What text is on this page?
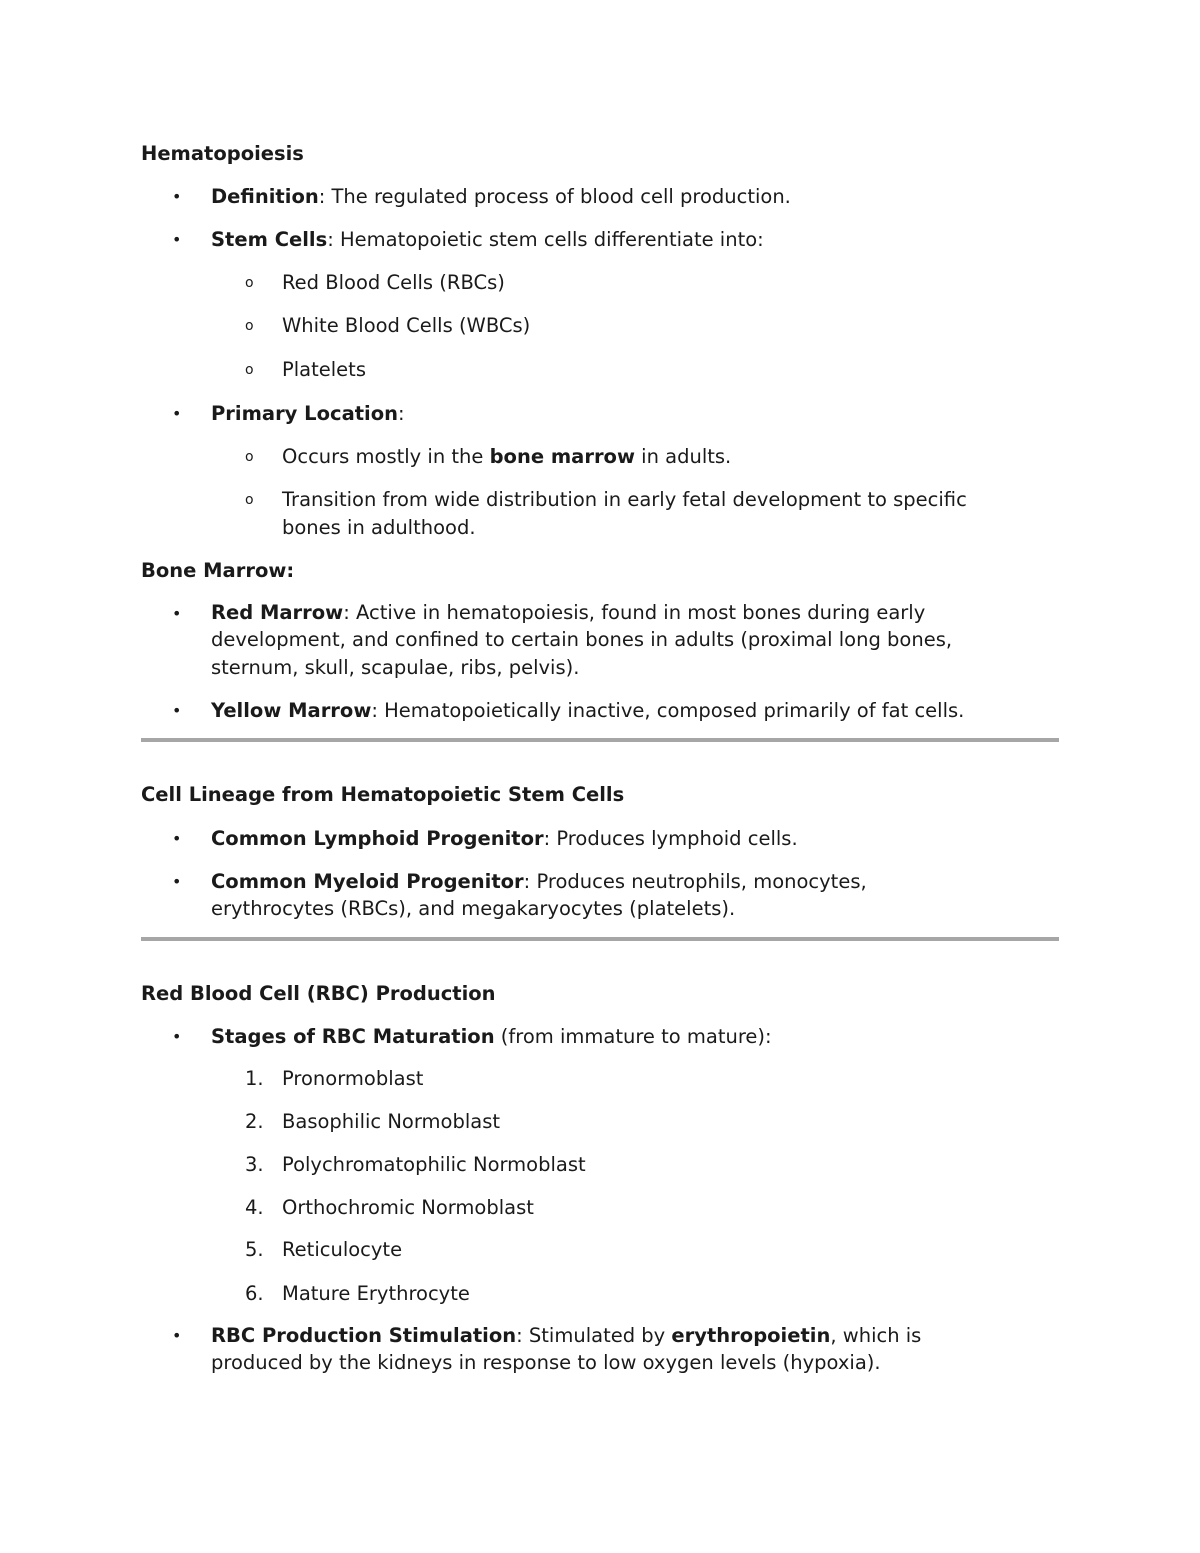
Hematopoiesis
•	Definition: The regulated process of blood cell production.
•	Stem Cells: Hematopoietic stem cells differentiate into:
o	Red Blood Cells (RBCs)
o	White Blood Cells (WBCs)
o	Platelets
•	Primary Location:
o	Occurs mostly in the bone marrow in adults.
o	Transition from wide distribution in early fetal development to specific
bones in adulthood.
Bone Marrow:
•	Red Marrow: Active in hematopoiesis, found in most bones during early
development, and confined to certain bones in adults (proximal long bones,
sternum, skull, scapulae, ribs, pelvis).
•	Yellow Marrow: Hematopoietically inactive, composed primarily of fat cells.
Cell Lineage from Hematopoietic Stem Cells
•	Common Lymphoid Progenitor: Produces lymphoid cells.
•	Common Myeloid Progenitor: Produces neutrophils, monocytes,
erythrocytes (RBCs), and megakaryocytes (platelets).
Red Blood Cell (RBC) Production
•	Stages of RBC Maturation (from immature to mature):
1. Pronormoblast
2. Basophilic Normoblast
3. Polychromatophilic Normoblast
4. Orthochromic Normoblast
5. Reticulocyte
6. Mature Erythrocyte
•	RBC Production Stimulation: Stimulated by erythropoietin, which is
produced by the kidneys in response to low oxygen levels (hypoxia).
